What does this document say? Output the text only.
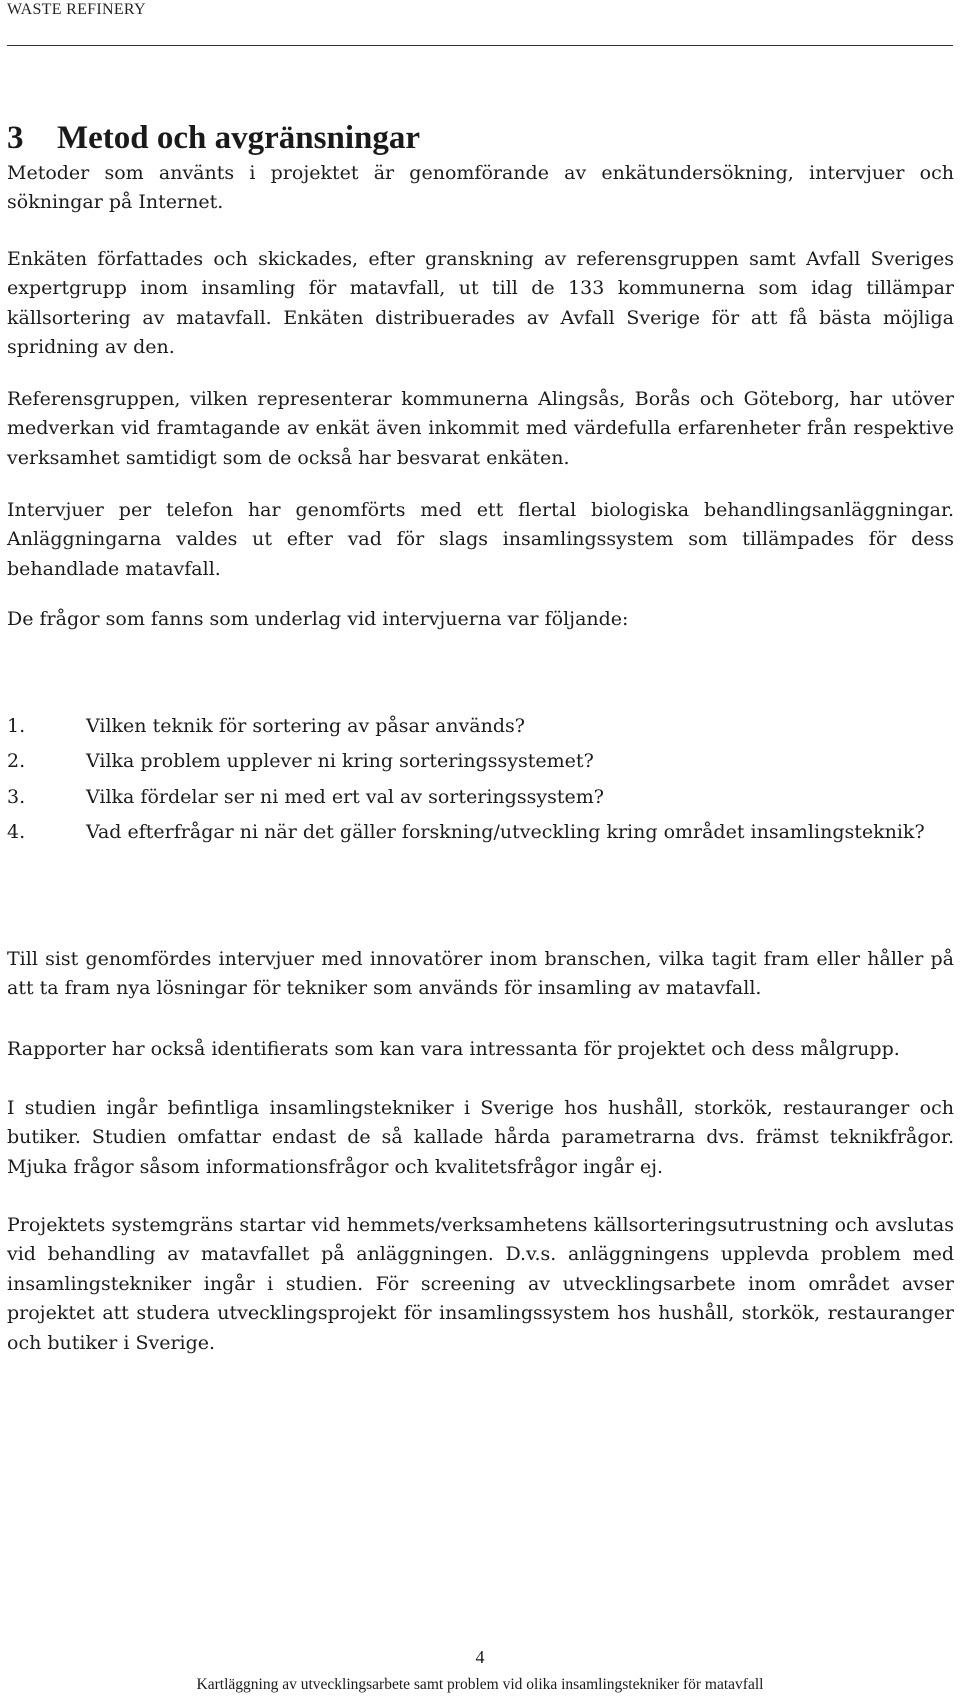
WASTE REFINERY
3 Metod och avgränsningar

Metoder som använts i projektet är genomförande av enkätundersökning, intervjuer och sökningar på Internet.

Enkäten författades och skickades, efter granskning av referensgruppen samt Avfall Sveriges expertgrupp inom insamling för matavfall, ut till de 133 kommunerna som idag tillämpar källsortering av matavfall. Enkäten distribuerades av Avfall Sverige för att få bästa möjliga spridning av den.

Referensgruppen, vilken representerar kommunerna Alingsås, Borås och Göteborg, har utöver medverkan vid framtagande av enkät även inkommit med värdefulla erfarenheter från respektive verksamhet samtidigt som de också har besvarat enkäten.

Intervjuer per telefon har genomförts med ett flertal biologiska behandlingsanläggningar. Anläggningarna valdes ut efter vad för slags insamlingssystem som tillämpades för dess behandlade matavfall.

De frågor som fanns som underlag vid intervjuerna var följande:

1.	Vilken teknik för sortering av påsar används?
2.	Vilka problem upplever ni kring sorteringssystemet?
3.	Vilka fördelar ser ni med ert val av sorteringssystem?
4.	Vad efterfrågar ni när det gäller forskning/utveckling kring området insamlingsteknik?

Till sist genomfördes intervjuer med innovatörer inom branschen, vilka tagit fram eller håller på att ta fram nya lösningar för tekniker som används för insamling av matavfall.

Rapporter har också identifierats som kan vara intressanta för projektet och dess målgrupp.

I studien ingår befintliga insamlingstekniker i Sverige hos hushåll, storkök, restauranger och butiker. Studien omfattar endast de så kallade hårda parametrarna dvs. främst teknikfrågor. Mjuka frågor såsom informationsfrågor och kvalitetsfrågor ingår ej.

Projektets systemgräns startar vid hemmets/verksamhetens källsorteringsutrustning och avslutas vid behandling av matavfallet på anläggningen. D.v.s. anläggningens upplevda problem med insamlingstekniker ingår i studien. För screening av utvecklingsarbete inom området avser projektet att studera utvecklingsprojekt för insamlingssystem hos hushåll, storkök, restauranger och butiker i Sverige.

4
Kartläggning av utvecklingsarbete samt problem vid olika insamlingstekniker för matavfall
